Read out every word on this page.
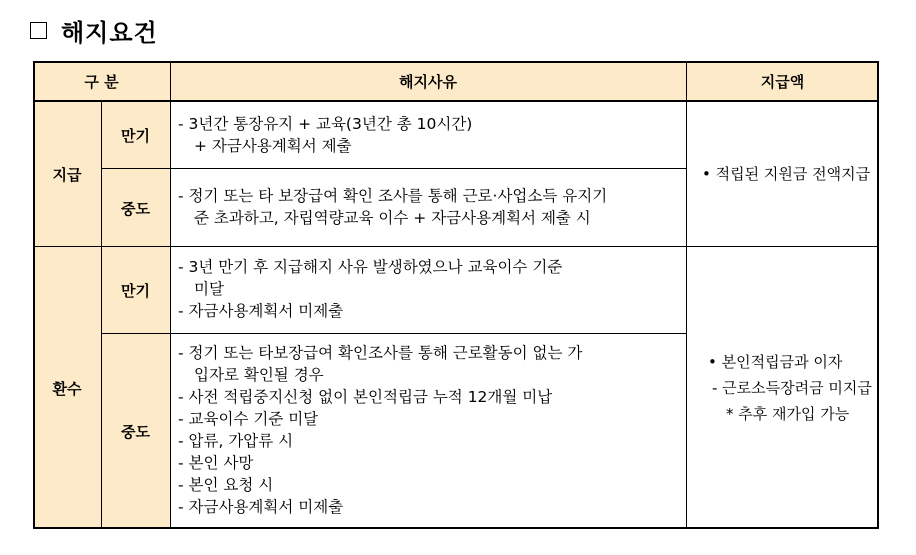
해지요건
구 분	해지사유	지급액
지급
만기
중도
- 3년간 통장유지 + 교육(3년간 총 10시간)
+ 자금사용계획서 제출
- 정기 또는 타 보장급여 확인 조사를 통해 근로·사업소득 유지기
준 초과하고, 자립역량교육 이수 + 자금사용계획서 제출 시
• 적립된 지원금 전액지급
환수
만기
중도
- 3년 만기 후 지급해지 사유 발생하였으나 교육이수 기준
미달
- 자금사용계획서 미제출
- 정기 또는 타보장급여 확인조사를 통해 근로활동이 없는 가
입자로 확인될 경우
- 사전 적립중지신청 없이 본인적립금 누적 12개월 미납
- 교육이수 기준 미달
- 압류, 가압류 시
- 본인 사망
- 본인 요청 시
- 자금사용계획서 미제출
• 본인적립금과 이자
- 근로소득장려금 미지급
* 추후 재가입 가능
